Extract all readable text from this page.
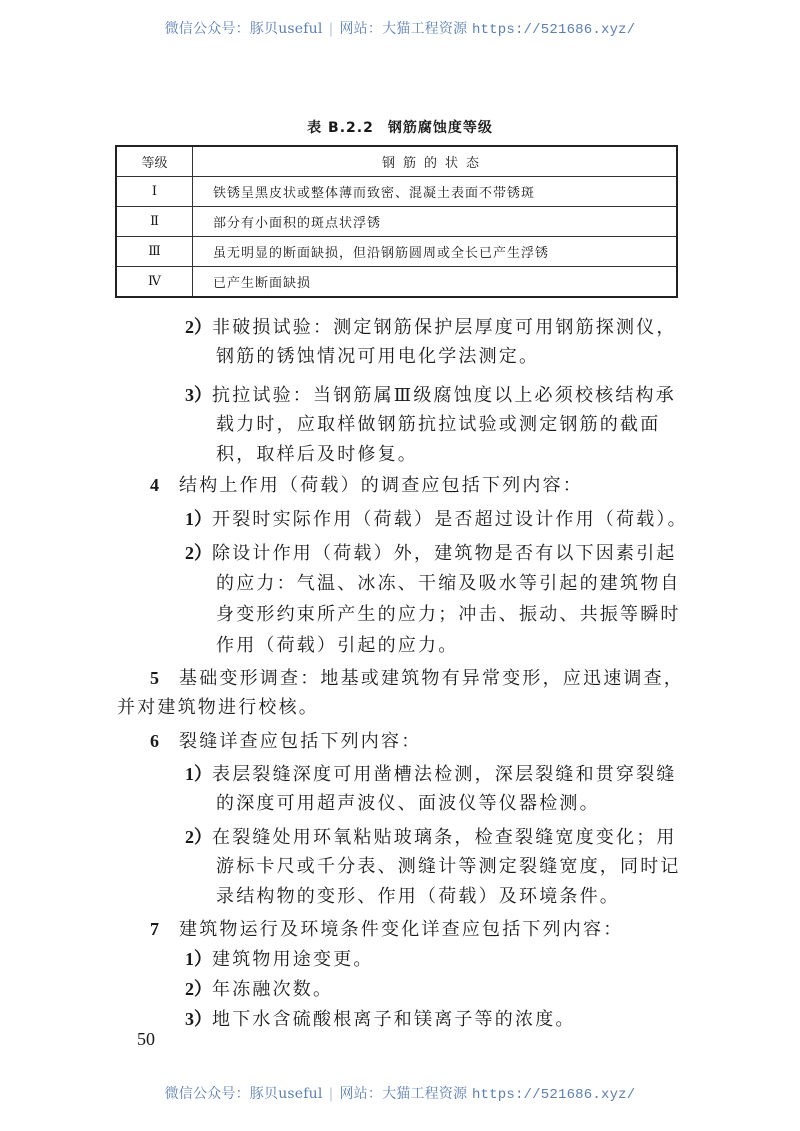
微信公众号：豚贝useful | 网站：大猫工程资源 https://521686.xyz/
表 B.2.2 钢筋腐蚀度等级
等级	钢筋的状态
Ⅰ	铁锈呈黑皮状或整体薄而致密、混凝土表面不带锈斑
Ⅱ	部分有小面积的斑点状浮锈
Ⅲ	虽无明显的断面缺损，但沿钢筋圆周或全长已产生浮锈
Ⅳ	已产生断面缺损
2）非破损试验：测定钢筋保护层厚度可用钢筋探测仪，
钢筋的锈蚀情况可用电化学法测定。
3）抗拉试验：当钢筋属Ⅲ级腐蚀度以上必须校核结构承
载力时，应取样做钢筋抗拉试验或测定钢筋的截面
积，取样后及时修复。
4 结构上作用（荷载）的调查应包括下列内容：
1）开裂时实际作用（荷载）是否超过设计作用（荷载）。
2）除设计作用（荷载）外，建筑物是否有以下因素引起
的应力：气温、冰冻、干缩及吸水等引起的建筑物自
身变形约束所产生的应力；冲击、振动、共振等瞬时
作用（荷载）引起的应力。
5 基础变形调查：地基或建筑物有异常变形，应迅速调查，
并对建筑物进行校核。
6 裂缝详查应包括下列内容：
1）表层裂缝深度可用凿槽法检测，深层裂缝和贯穿裂缝
的深度可用超声波仪、面波仪等仪器检测。
2）在裂缝处用环氧粘贴玻璃条，检查裂缝宽度变化；用
游标卡尺或千分表、测缝计等测定裂缝宽度，同时记
录结构物的变形、作用（荷载）及环境条件。
7 建筑物运行及环境条件变化详查应包括下列内容：
1）建筑物用途变更。
2）年冻融次数。
3）地下水含硫酸根离子和镁离子等的浓度。
50
微信公众号：豚贝useful | 网站：大猫工程资源 https://521686.xyz/
